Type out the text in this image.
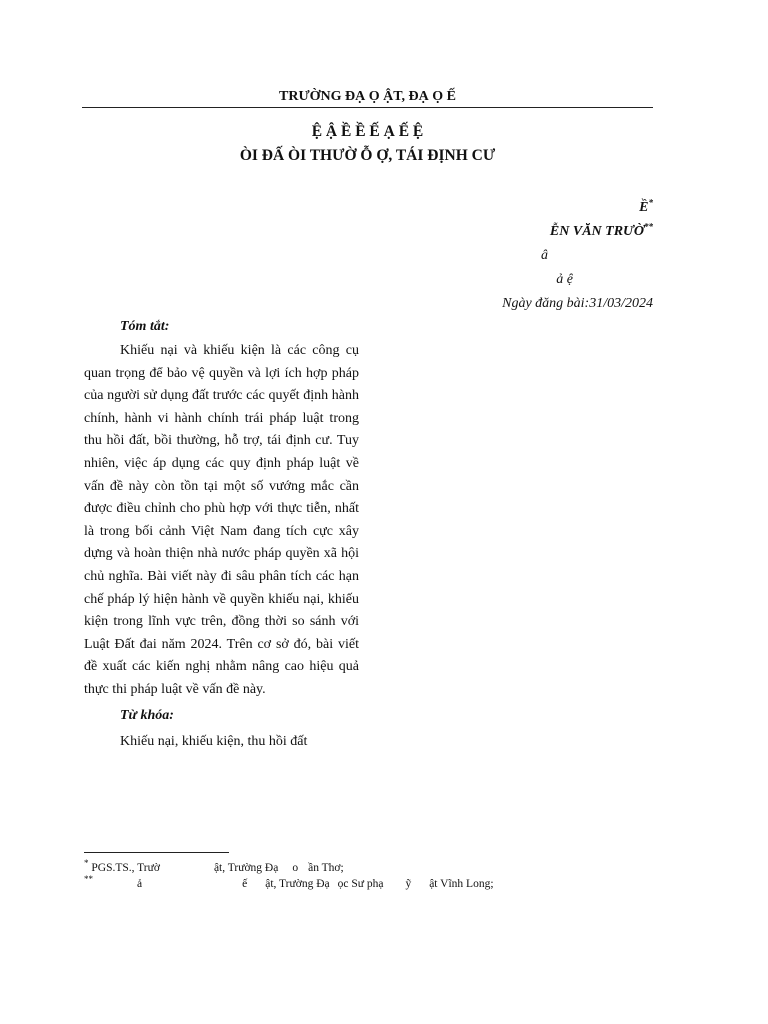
TRƯỜNG ĐẠ Ọ ẬT, ĐẠ Ọ Ế
Ệ Ậ Ề Ề Ế Ạ Ế Ệ
ÒI ĐẤ ÒI THƯỜ Ỗ Ợ, TÁI ĐỊNH CƯ
Ề*
ỄN VĂN TRƯỜ**
â
ả ệ
Ngày đăng bài:31/03/2024
Tóm tắt:

Khiếu nại và khiếu kiện là các công cụ quan trọng để bảo vệ quyền và lợi ích hợp pháp của người sử dụng đất trước các quyết định hành chính, hành vi hành chính trái pháp luật trong thu hồi đất, bồi thường, hỗ trợ, tái định cư. Tuy nhiên, việc áp dụng các quy định pháp luật về vấn đề này còn tồn tại một số vướng mắc cần được điều chỉnh cho phù hợp với thực tiễn, nhất là trong bối cảnh Việt Nam đang tích cực xây dựng và hoàn thiện nhà nước pháp quyền xã hội chủ nghĩa. Bài viết này đi sâu phân tích các hạn chế pháp lý hiện hành về quyền khiếu nại, khiếu kiện trong lĩnh vực trên, đồng thời so sánh với Luật Đất đai năm 2024. Trên cơ sở đó, bài viết đề xuất các kiến nghị nhằm nâng cao hiệu quả thực thi pháp luật về vấn đề này.

Từ khóa:
Khiếu nại, khiếu kiện, thu hồi đất
* PGS.TS., Trườ	ật, Trường Đạ o ần Thơ;
**	ả	ế ật, Trường Đạ ọc Sư phạ ỹ ật Vĩnh Long;
